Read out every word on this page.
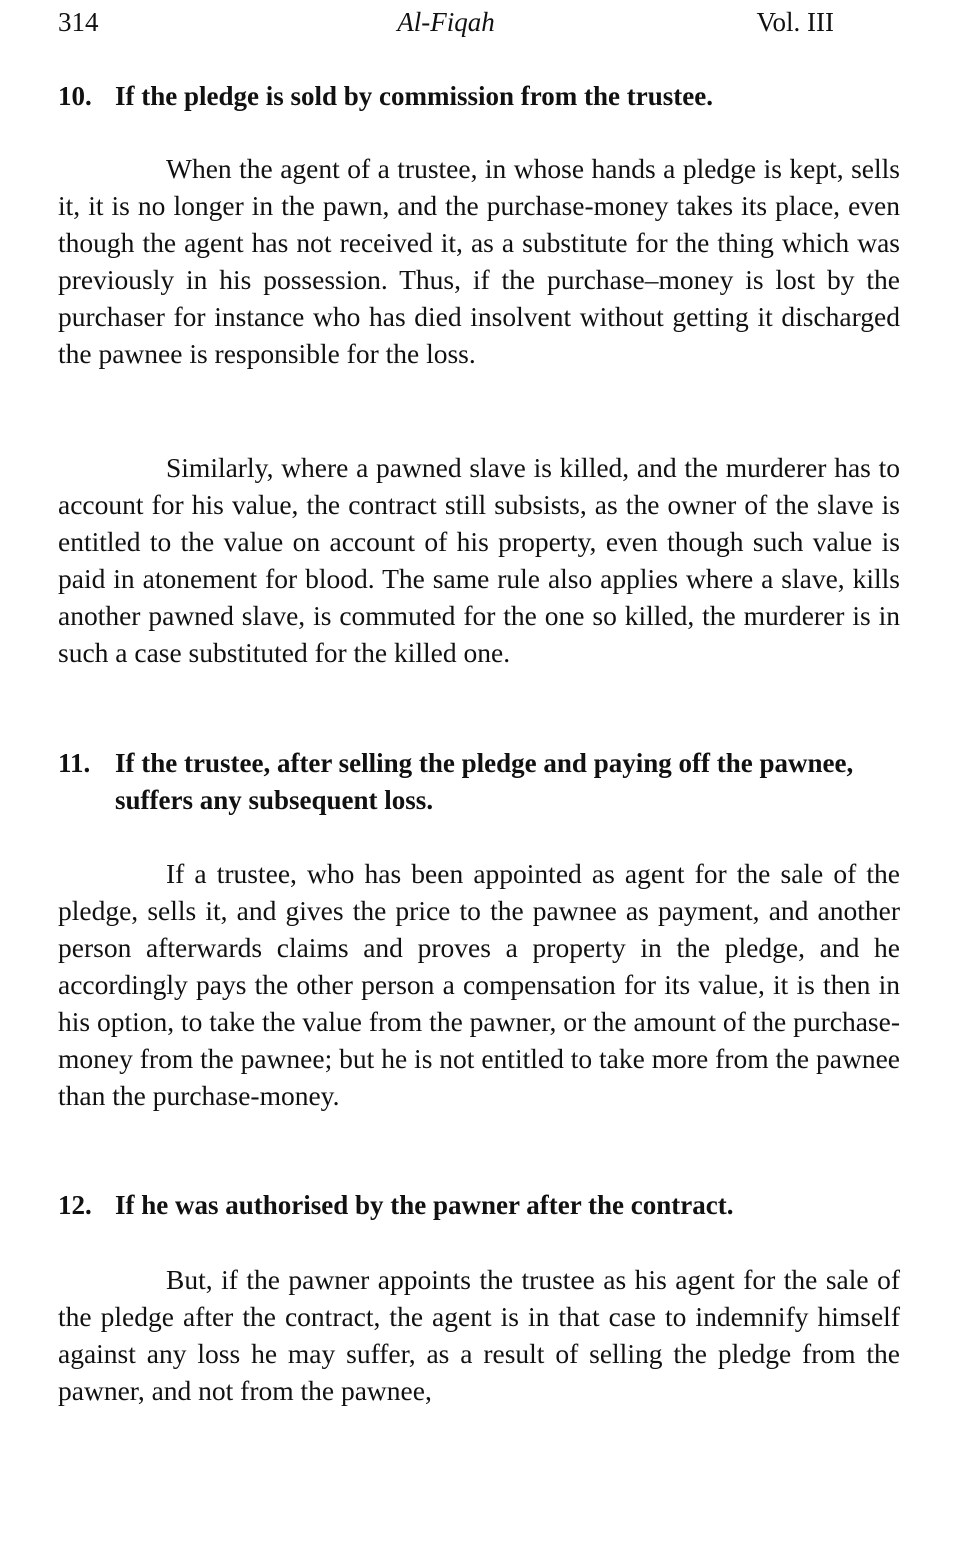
314	Al-Fiqah	Vol. III
10. If the pledge is sold by commission from the trustee.

When the agent of a trustee, in whose hands a pledge is kept, sells it, it is no longer in the pawn, and the purchase-money takes its place, even though the agent has not received it, as a substitute for the thing which was previously in his possession. Thus, if the purchase–money is lost by the purchaser for instance who has died insolvent without getting it discharged the pawnee is responsible for the loss.

Similarly, where a pawned slave is killed, and the murderer has to account for his value, the contract still subsists, as the owner of the slave is entitled to the value on account of his property, even though such value is paid in atonement for blood. The same rule also applies where a slave, kills another pawned slave, is commuted for the one so killed, the murderer is in such a case substituted for the killed one.

11. If the trustee, after selling the pledge and paying off the pawnee, suffers any subsequent loss.

If a trustee, who has been appointed as agent for the sale of the pledge, sells it, and gives the price to the pawnee as payment, and another person afterwards claims and proves a property in the pledge, and he accordingly pays the other person a compensation for its value, it is then in his option, to take the value from the pawner, or the amount of the purchase-money from the pawnee; but he is not entitled to take more from the pawnee than the purchase-money.

12. If he was authorised by the pawner after the contract.

But, if the pawner appoints the trustee as his agent for the sale of the pledge after the contract, the agent is in that case to indemnify himself against any loss he may suffer, as a result of selling the pledge from the pawner, and not from the pawnee,
